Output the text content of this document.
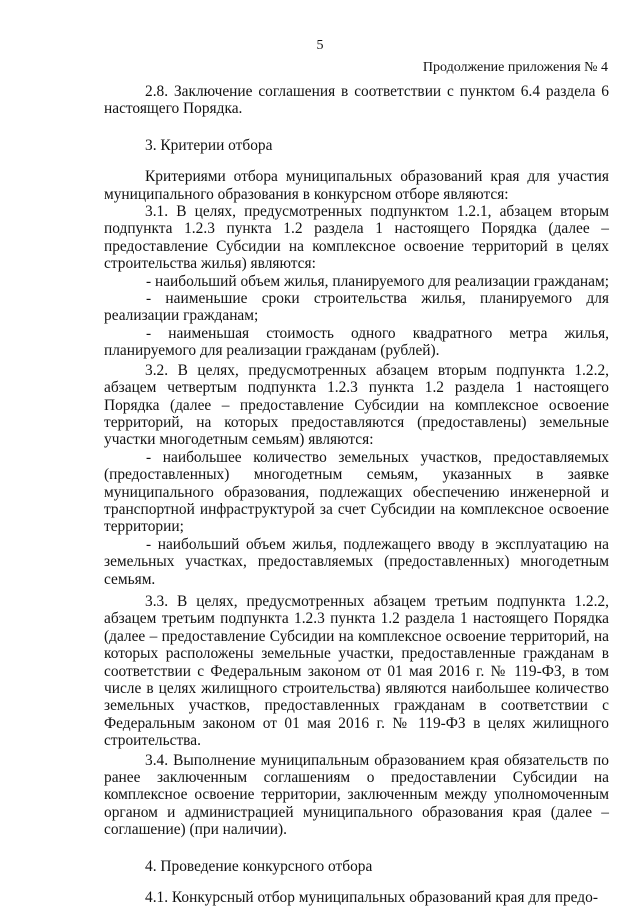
5
Продолжение приложения № 4

2.8. Заключение соглашения в соответствии с пунктом 6.4 раздела 6 настоящего Порядка.

3. Критерии отбора

Критериями отбора муниципальных образований края для участия муниципального образования в конкурсном отборе являются:

3.1. В целях, предусмотренных подпунктом 1.2.1, абзацем вторым подпункта 1.2.3 пункта 1.2 раздела 1 настоящего Порядка (далее – предоставление Субсидии на комплексное освоение территорий в целях строительства жилья) являются:

- наибольший объем жилья, планируемого для реализации гражданам;

- наименьшие сроки строительства жилья, планируемого для реализации гражданам;

- наименьшая стоимость одного квадратного метра жилья, планируемого для реализации гражданам (рублей).

3.2. В целях, предусмотренных абзацем вторым подпункта 1.2.2, абзацем четвертым подпункта 1.2.3 пункта 1.2 раздела 1 настоящего Порядка (далее – предоставление Субсидии на комплексное освоение территорий, на которых предоставляются (предоставлены) земельные участки многодетным семьям) являются:

- наибольшее количество земельных участков, предоставляемых (предоставленных) многодетным семьям, указанных в заявке муниципального образования, подлежащих обеспечению инженерной и транспортной инфраструктурой за счет Субсидии на комплексное освоение территории;

- наибольший объем жилья, подлежащего вводу в эксплуатацию на земельных участках, предоставляемых (предоставленных) многодетным семьям.

3.3. В целях, предусмотренных абзацем третьим подпункта 1.2.2, абзацем третьим подпункта 1.2.3 пункта 1.2 раздела 1 настоящего Порядка (далее – предоставление Субсидии на комплексное освоение территорий, на которых расположены земельные участки, предоставленные гражданам в соответствии с Федеральным законом от 01 мая 2016 г. № 119-ФЗ, в том числе в целях жилищного строительства) являются наибольшее количество земельных участков, предоставленных гражданам в соответствии с Федеральным законом от 01 мая 2016 г. № 119-ФЗ в целях жилищного строительства.

3.4. Выполнение муниципальным образованием края обязательств по ранее заключенным соглашениям о предоставлении Субсидии на комплексное освоение территории, заключенным между уполномоченным органом и администрацией муниципального образования края (далее – соглашение) (при наличии).

4. Проведение конкурсного отбора

4.1. Конкурсный отбор муниципальных образований края для предо-
